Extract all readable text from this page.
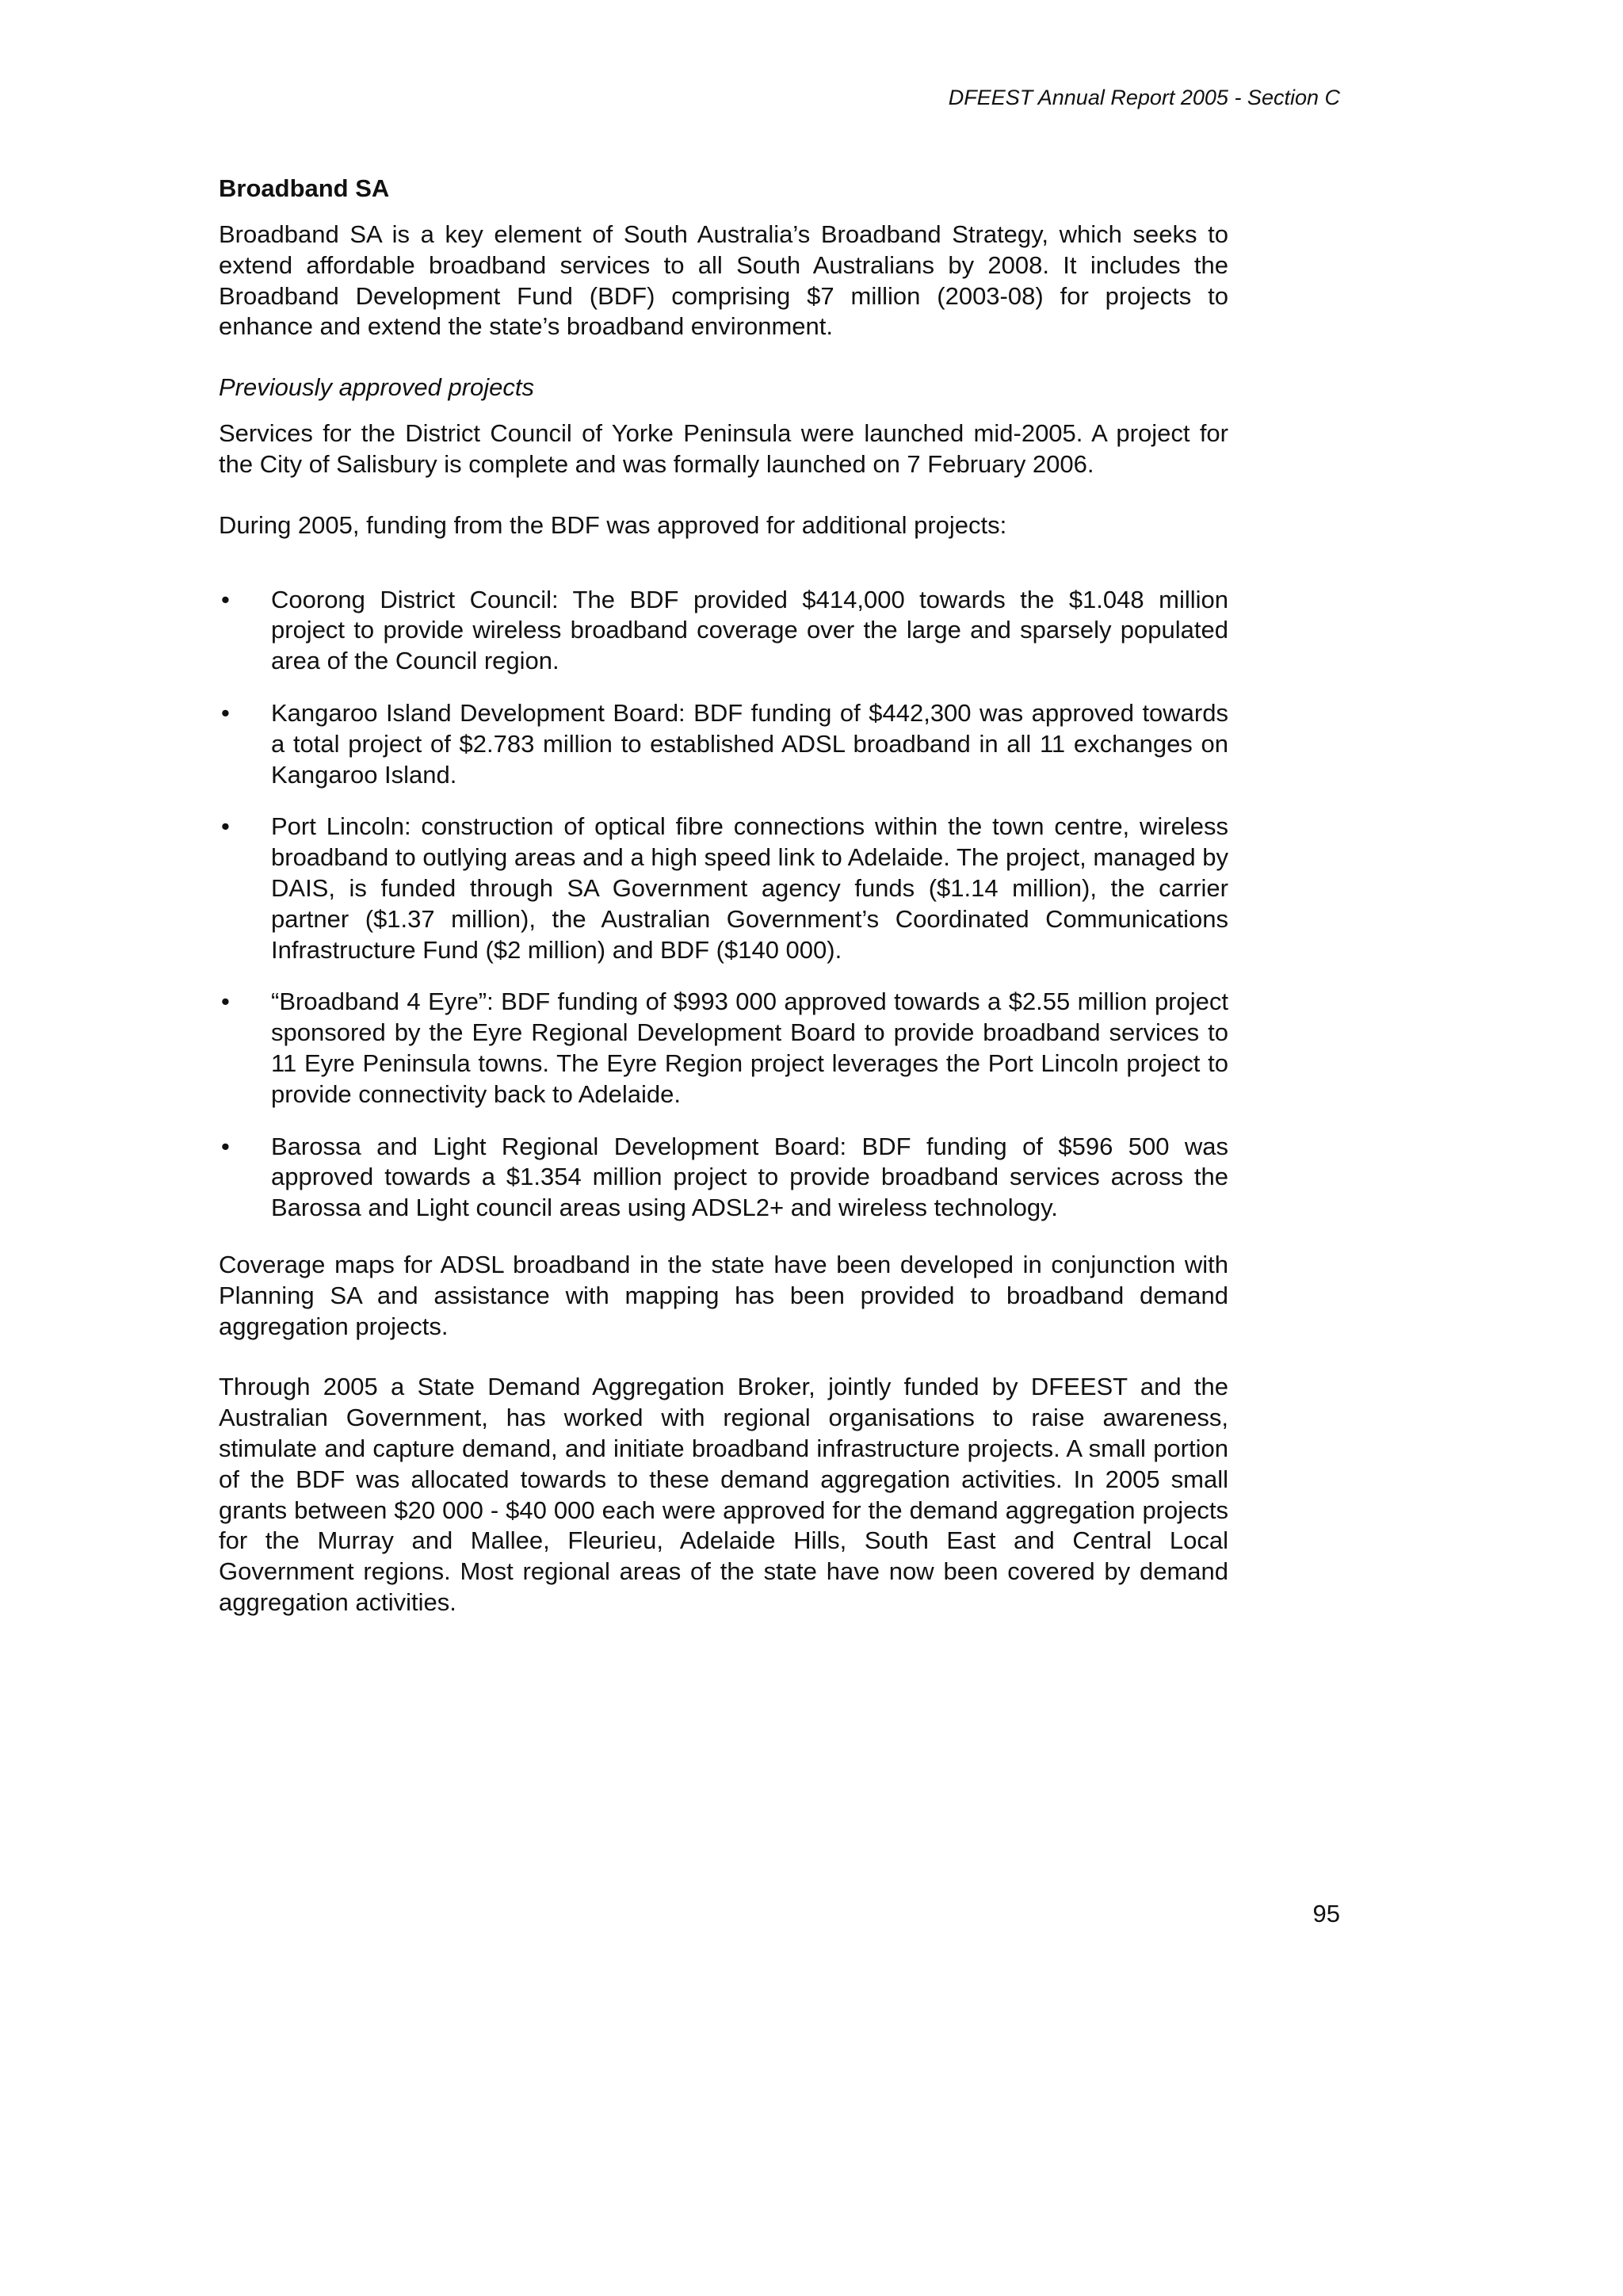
DFEEST Annual Report 2005 - Section C
Broadband SA

Broadband SA is a key element of South Australia’s Broadband Strategy, which seeks to extend affordable broadband services to all South Australians by 2008. It includes the Broadband Development Fund (BDF) comprising $7 million (2003-08) for projects to enhance and extend the state’s broadband environment.

Previously approved projects

Services for the District Council of Yorke Peninsula were launched mid-2005. A project for the City of Salisbury is complete and was formally launched on 7 February 2006.

During 2005, funding from the BDF was approved for additional projects:

• Coorong District Council: The BDF provided $414,000 towards the $1.048 million project to provide wireless broadband coverage over the large and sparsely populated area of the Council region.
• Kangaroo Island Development Board: BDF funding of $442,300 was approved towards a total project of $2.783 million to established ADSL broadband in all 11 exchanges on Kangaroo Island.
• Port Lincoln: construction of optical fibre connections within the town centre, wireless broadband to outlying areas and a high speed link to Adelaide. The project, managed by DAIS, is funded through SA Government agency funds ($1.14 million), the carrier partner ($1.37 million), the Australian Government’s Coordinated Communications Infrastructure Fund ($2 million) and BDF ($140 000).
• “Broadband 4 Eyre”: BDF funding of $993 000 approved towards a $2.55 million project sponsored by the Eyre Regional Development Board to provide broadband services to 11 Eyre Peninsula towns. The Eyre Region project leverages the Port Lincoln project to provide connectivity back to Adelaide.
• Barossa and Light Regional Development Board: BDF funding of $596 500 was approved towards a $1.354 million project to provide broadband services across the Barossa and Light council areas using ADSL2+ and wireless technology.

Coverage maps for ADSL broadband in the state have been developed in conjunction with Planning SA and assistance with mapping has been provided to broadband demand aggregation projects.

Through 2005 a State Demand Aggregation Broker, jointly funded by DFEEST and the Australian Government, has worked with regional organisations to raise awareness, stimulate and capture demand, and initiate broadband infrastructure projects. A small portion of the BDF was allocated towards to these demand aggregation activities. In 2005 small grants between $20 000 - $40 000 each were approved for the demand aggregation projects for the Murray and Mallee, Fleurieu, Adelaide Hills, South East and Central Local Government regions. Most regional areas of the state have now been covered by demand aggregation activities.

95
